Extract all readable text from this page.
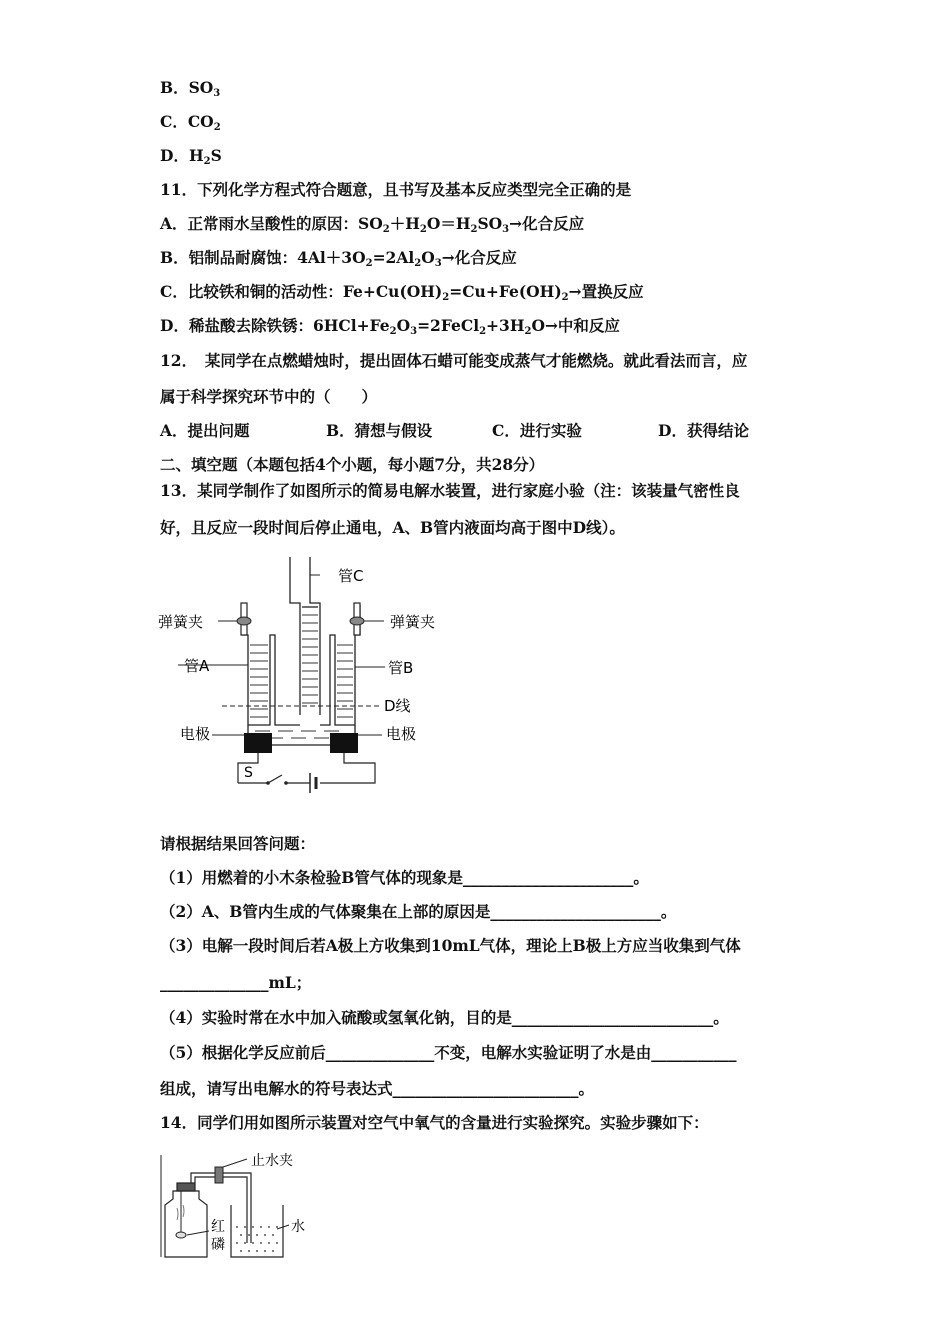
B．$SO_3$
C．$CO_2$
D．$H_2S$
11．下列化学方程式符合题意，且书写及基本反应类型完全正确的是
A．正常雨水呈酸性的原因：$SO_2+H_2O=H_2SO_3\to$化合反应
B．铝制品耐腐蚀：$4Al+3O_2=2Al_2O_3\to$化合反应
C．比较铁和铜的活动性：$Fe+Cu(OH)_2=Cu+Fe(OH)_2\to$置换反应
D．稀盐酸去除铁锈：$6HCl+Fe_2O_3=2FeCl_2+3H_2O\to$中和反应
12．　某同学在点燃蜡烛时，提出固体石蜡可能变成蒸气才能燃烧。就此看法而言，应
属于科学探究环节中的（　　）
A．提出问题	B．猜想与假设	C．进行实验	D．获得结论
二、填空题（本题包括4个小题，每小题7分，共28分）
13．某同学制作了如图所示的简易电解水装置，进行家庭小验（注：该装量气密性良
好，且反应一段时间后停止通电，A、B管内液面均高于图中D线）。
管C
弹簧夹	弹簧夹
管A	管B
D线
电极	电极
S
请根据结果回答问题：
（1）用燃着的小木条检验B管气体的现象是______________________。
（2）A、B管内生成的气体聚集在上部的原因是______________________。
（3）电解一段时间后若A极上方收集到10mL气体，理论上B极上方应当收集到气体
______________mL；
（4）实验时常在水中加入硫酸或氢氧化钠，目的是__________________________。
（5）根据化学反应前后______________不变，电解水实验证明了水是由___________
组成，请写出电解水的符号表达式________________________。
14．同学们用如图所示装置对空气中氧气的含量进行实验探究。实验步骤如下：
止水夹
水
红
磷
